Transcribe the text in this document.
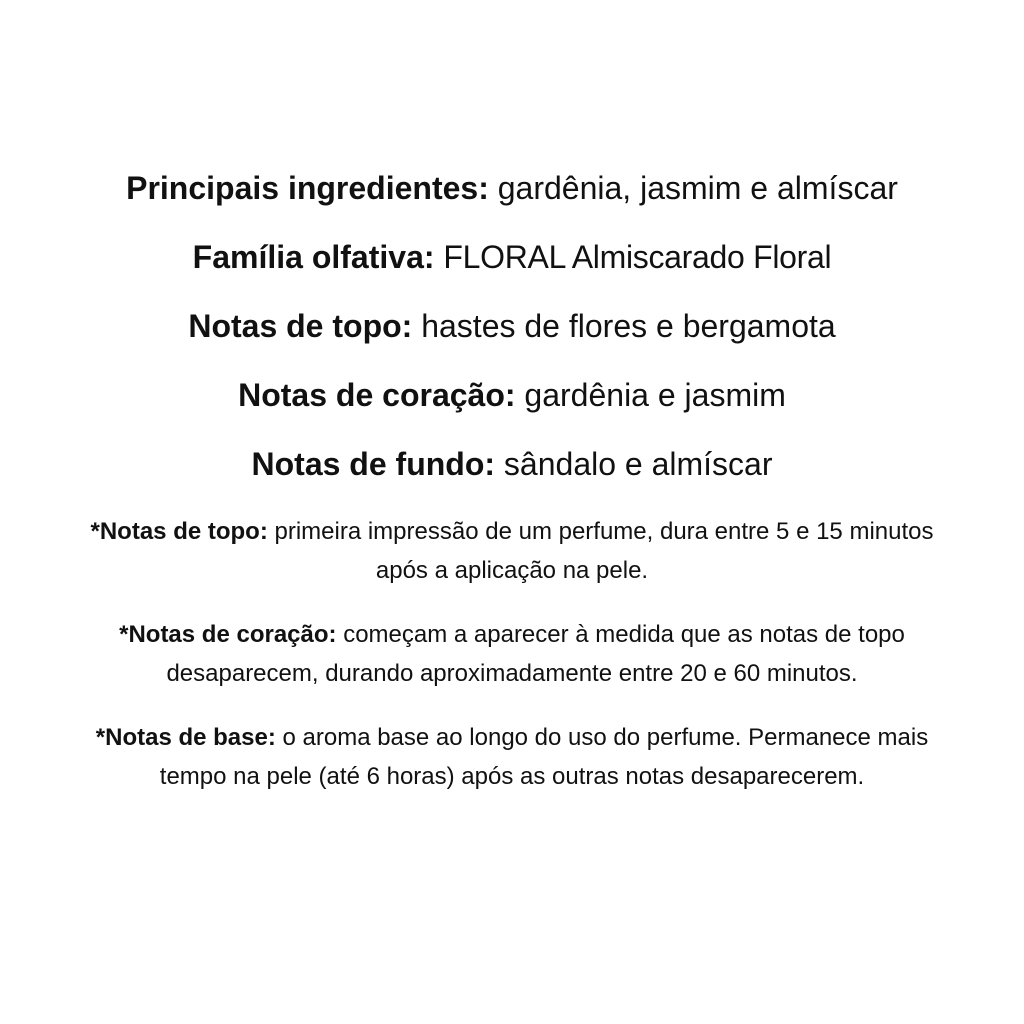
Principais ingredientes: gardênia, jasmim e almíscar
Família olfativa: FLORAL Almiscarado Floral
Notas de topo: hastes de flores e bergamota
Notas de coração: gardênia e jasmim
Notas de fundo: sândalo e almíscar

*Notas de topo: primeira impressão de um perfume, dura entre 5 e 15 minutos após a aplicação na pele.

*Notas de coração: começam a aparecer à medida que as notas de topo desaparecem, durando aproximadamente entre 20 e 60 minutos.

*Notas de base: o aroma base ao longo do uso do perfume. Permanece mais tempo na pele (até 6 horas) após as outras notas desaparecerem.
